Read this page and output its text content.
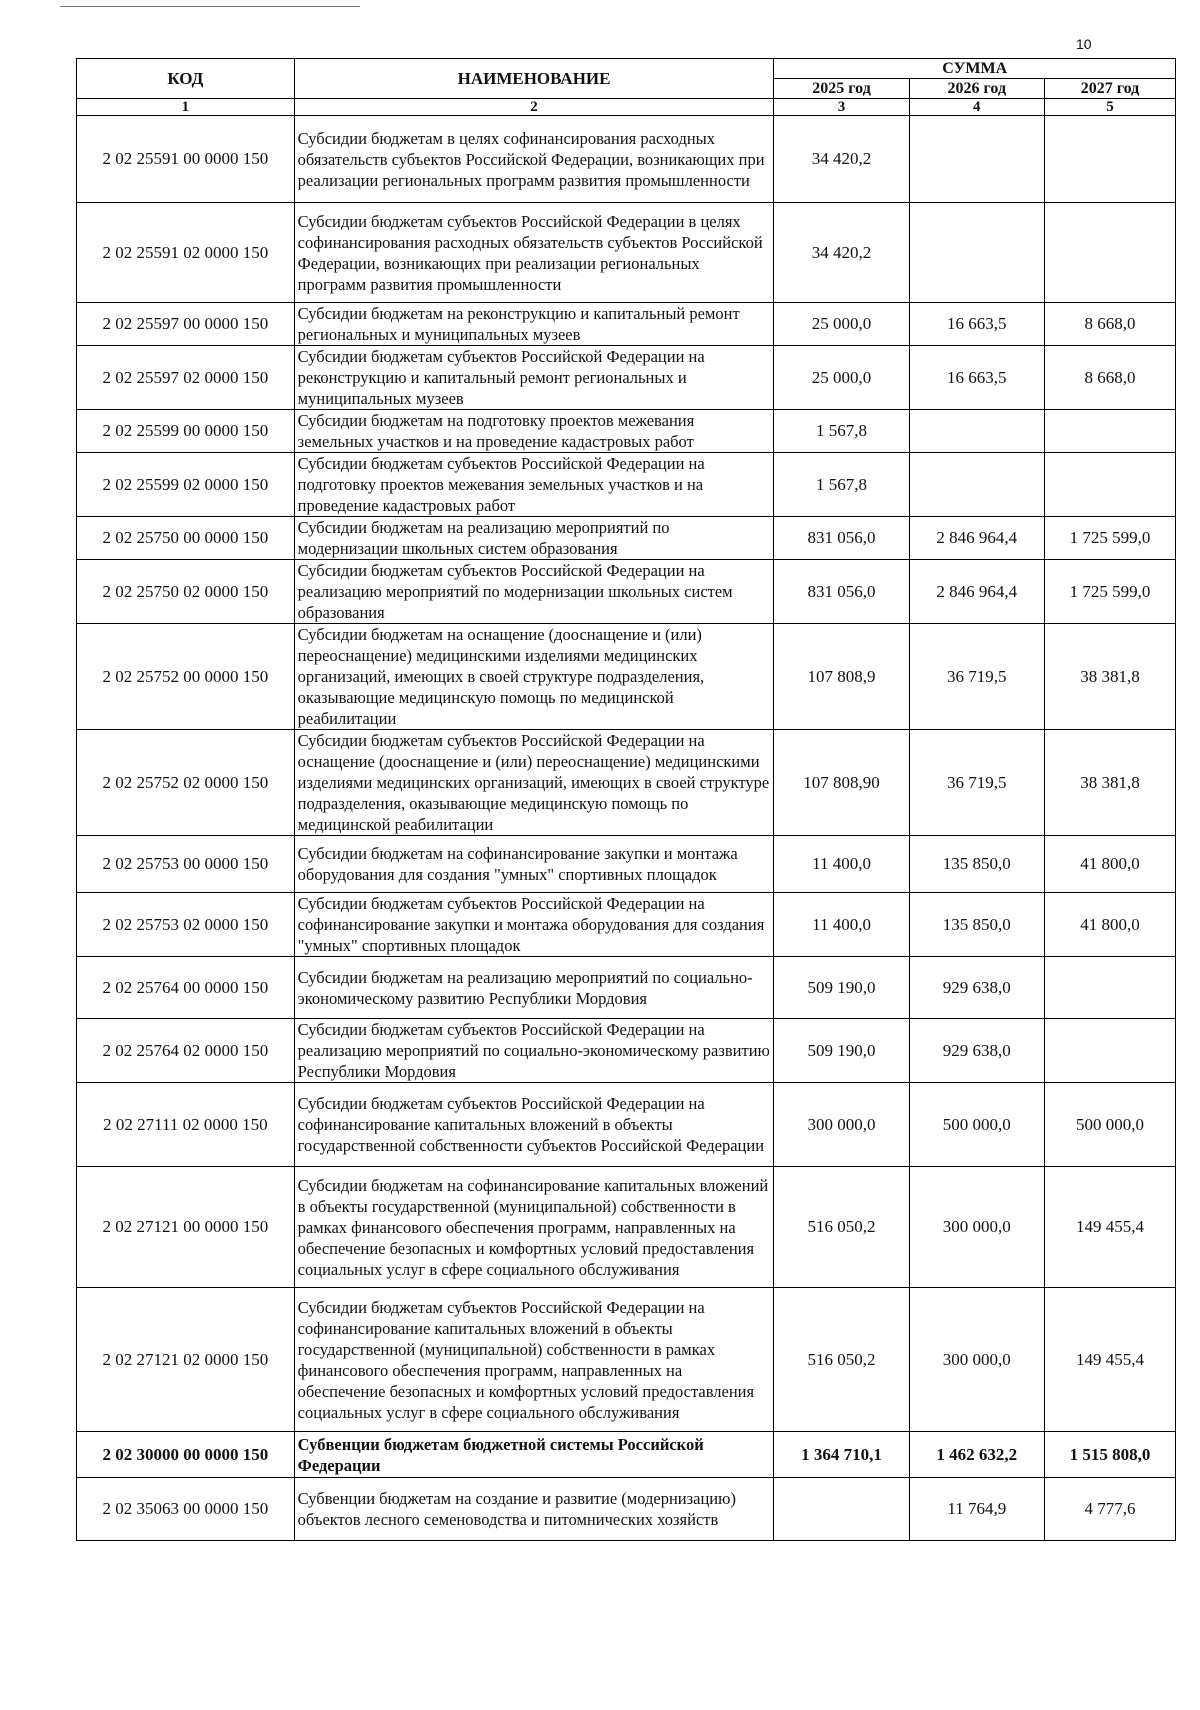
10
КОД	НАИМЕНОВАНИЕ	СУММА		
		2025 год	2026 год	2027 год
1	2	3	4	5
2 02 25591 00 0000 150	Субсидии бюджетам в целях софинансирования расходных обязательств субъектов Российской Федерации, возникающих при реализации региональных программ развития промышленности	34 420,2		
2 02 25591 02 0000 150	Субсидии бюджетам субъектов Российской Федерации в целях софинансирования расходных обязательств субъектов Российской Федерации, возникающих при реализации региональных программ развития промышленности	34 420,2		
2 02 25597 00 0000 150	Субсидии бюджетам на реконструкцию и капитальный ремонт региональных и муниципальных музеев	25 000,0	16 663,5	8 668,0
2 02 25597 02 0000 150	Субсидии бюджетам субъектов Российской Федерации на реконструкцию и капитальный ремонт региональных и муниципальных музеев	25 000,0	16 663,5	8 668,0
2 02 25599 00 0000 150	Субсидии бюджетам на подготовку проектов межевания земельных участков и на проведение кадастровых работ	1 567,8		
2 02 25599 02 0000 150	Субсидии бюджетам субъектов Российской Федерации на подготовку проектов межевания земельных участков и на проведение кадастровых работ	1 567,8		
2 02 25750 00 0000 150	Субсидии бюджетам на реализацию мероприятий по модернизации школьных систем образования	831 056,0	2 846 964,4	1 725 599,0
2 02 25750 02 0000 150	Субсидии бюджетам субъектов Российской Федерации на реализацию мероприятий по модернизации школьных систем образования	831 056,0	2 846 964,4	1 725 599,0
2 02 25752 00 0000 150	Субсидии бюджетам на оснащение (дооснащение и (или) переоснащение) медицинскими изделиями медицинских организаций, имеющих в своей структуре подразделения, оказывающие медицинскую помощь по медицинской реабилитации	107 808,9	36 719,5	38 381,8
2 02 25752 02 0000 150	Субсидии бюджетам субъектов Российской Федерации на оснащение (дооснащение и (или) переоснащение) медицинскими изделиями медицинских организаций, имеющих в своей структуре подразделения, оказывающие медицинскую помощь по медицинской реабилитации	107 808,90	36 719,5	38 381,8
2 02 25753 00 0000 150	Субсидии бюджетам на софинансирование закупки и монтажа оборудования для создания "умных" спортивных площадок	11 400,0	135 850,0	41 800,0
2 02 25753 02 0000 150	Субсидии бюджетам субъектов Российской Федерации на софинансирование закупки и монтажа оборудования для создания "умных" спортивных площадок	11 400,0	135 850,0	41 800,0
2 02 25764 00 0000 150	Субсидии бюджетам на реализацию мероприятий по социально-экономическому развитию Республики Мордовия	509 190,0	929 638,0	
2 02 25764 02 0000 150	Субсидии бюджетам субъектов Российской Федерации на реализацию мероприятий по социально-экономическому развитию Республики Мордовия	509 190,0	929 638,0	
2 02 27111 02 0000 150	Субсидии бюджетам субъектов Российской Федерации на софинансирование капитальных вложений в объекты государственной собственности субъектов Российской Федерации	300 000,0	500 000,0	500 000,0
2 02 27121 00 0000 150	Субсидии бюджетам на софинансирование капитальных вложений в объекты государственной (муниципальной) собственности в рамках финансового обеспечения программ, направленных на обеспечение безопасных и комфортных условий предоставления социальных услуг в сфере социального обслуживания	516 050,2	300 000,0	149 455,4
2 02 27121 02 0000 150	Субсидии бюджетам субъектов Российской Федерации на софинансирование капитальных вложений в объекты государственной (муниципальной) собственности в рамках финансового обеспечения программ, направленных на обеспечение безопасных и комфортных условий предоставления социальных услуг в сфере социального обслуживания	516 050,2	300 000,0	149 455,4
2 02 30000 00 0000 150	Субвенции бюджетам бюджетной системы Российской Федерации	1 364 710,1	1 462 632,2	1 515 808,0
2 02 35063 00 0000 150	Субвенции бюджетам на создание и развитие (модернизацию) объектов лесного семеноводства и питомнических хозяйств		11 764,9	4 777,6
